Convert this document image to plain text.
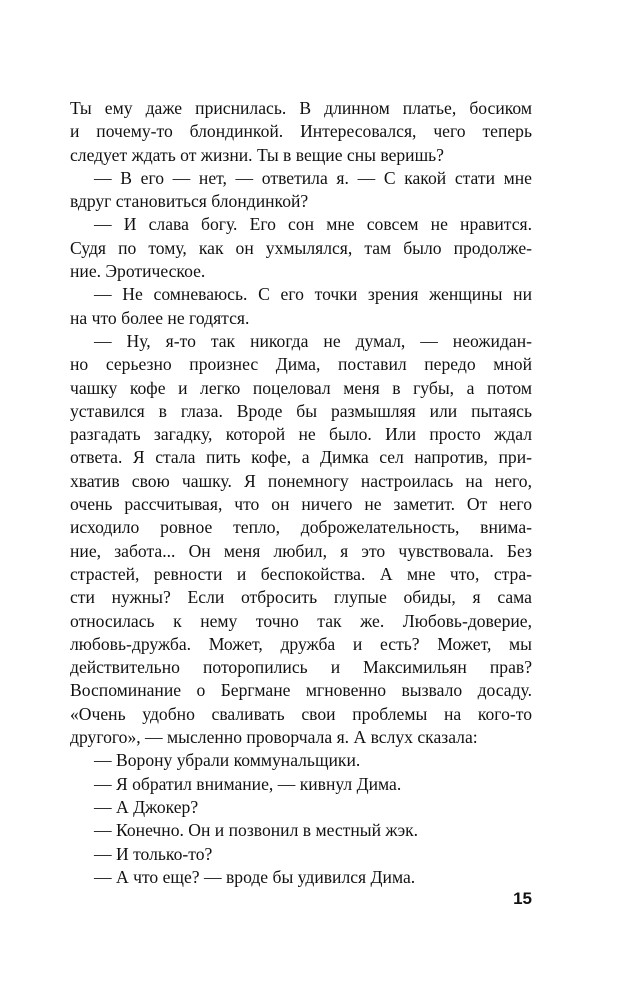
Ты ему даже приснилась. В длинном платье, босиком
и почему-то блондинкой. Интересовался, чего теперь
следует ждать от жизни. Ты в вещие сны веришь?
— В его — нет, — ответила я. — С какой стати мне
вдруг становиться блондинкой?
— И слава богу. Его сон мне совсем не нравится.
Судя по тому, как он ухмылялся, там было продолже-
ние. Эротическое.
— Не сомневаюсь. С его точки зрения женщины ни
на что более не годятся.
— Ну, я-то так никогда не думал, — неожидан-
но серьезно произнес Дима, поставил передо мной
чашку кофе и легко поцеловал меня в губы, а потом
уставился в глаза. Вроде бы размышляя или пытаясь
разгадать загадку, которой не было. Или просто ждал
ответа. Я стала пить кофе, а Димка сел напротив, при-
хватив свою чашку. Я понемногу настроилась на него,
очень рассчитывая, что он ничего не заметит. От него
исходило ровное тепло, доброжелательность, внима-
ние, забота... Он меня любил, я это чувствовала. Без
страстей, ревности и беспокойства. А мне что, стра-
сти нужны? Если отбросить глупые обиды, я сама
относилась к нему точно так же. Любовь-доверие,
любовь-дружба. Может, дружба и есть? Может, мы
действительно поторопились и Максимильян прав?
Воспоминание о Бергмане мгновенно вызвало досаду.
«Очень удобно сваливать свои проблемы на кого-то
другого», — мысленно проворчала я. А вслух сказала:
— Ворону убрали коммунальщики.
— Я обратил внимание, — кивнул Дима.
— А Джокер?
— Конечно. Он и позвонил в местный жэк.
— И только-то?
— А что еще? — вроде бы удивился Дима.
15
